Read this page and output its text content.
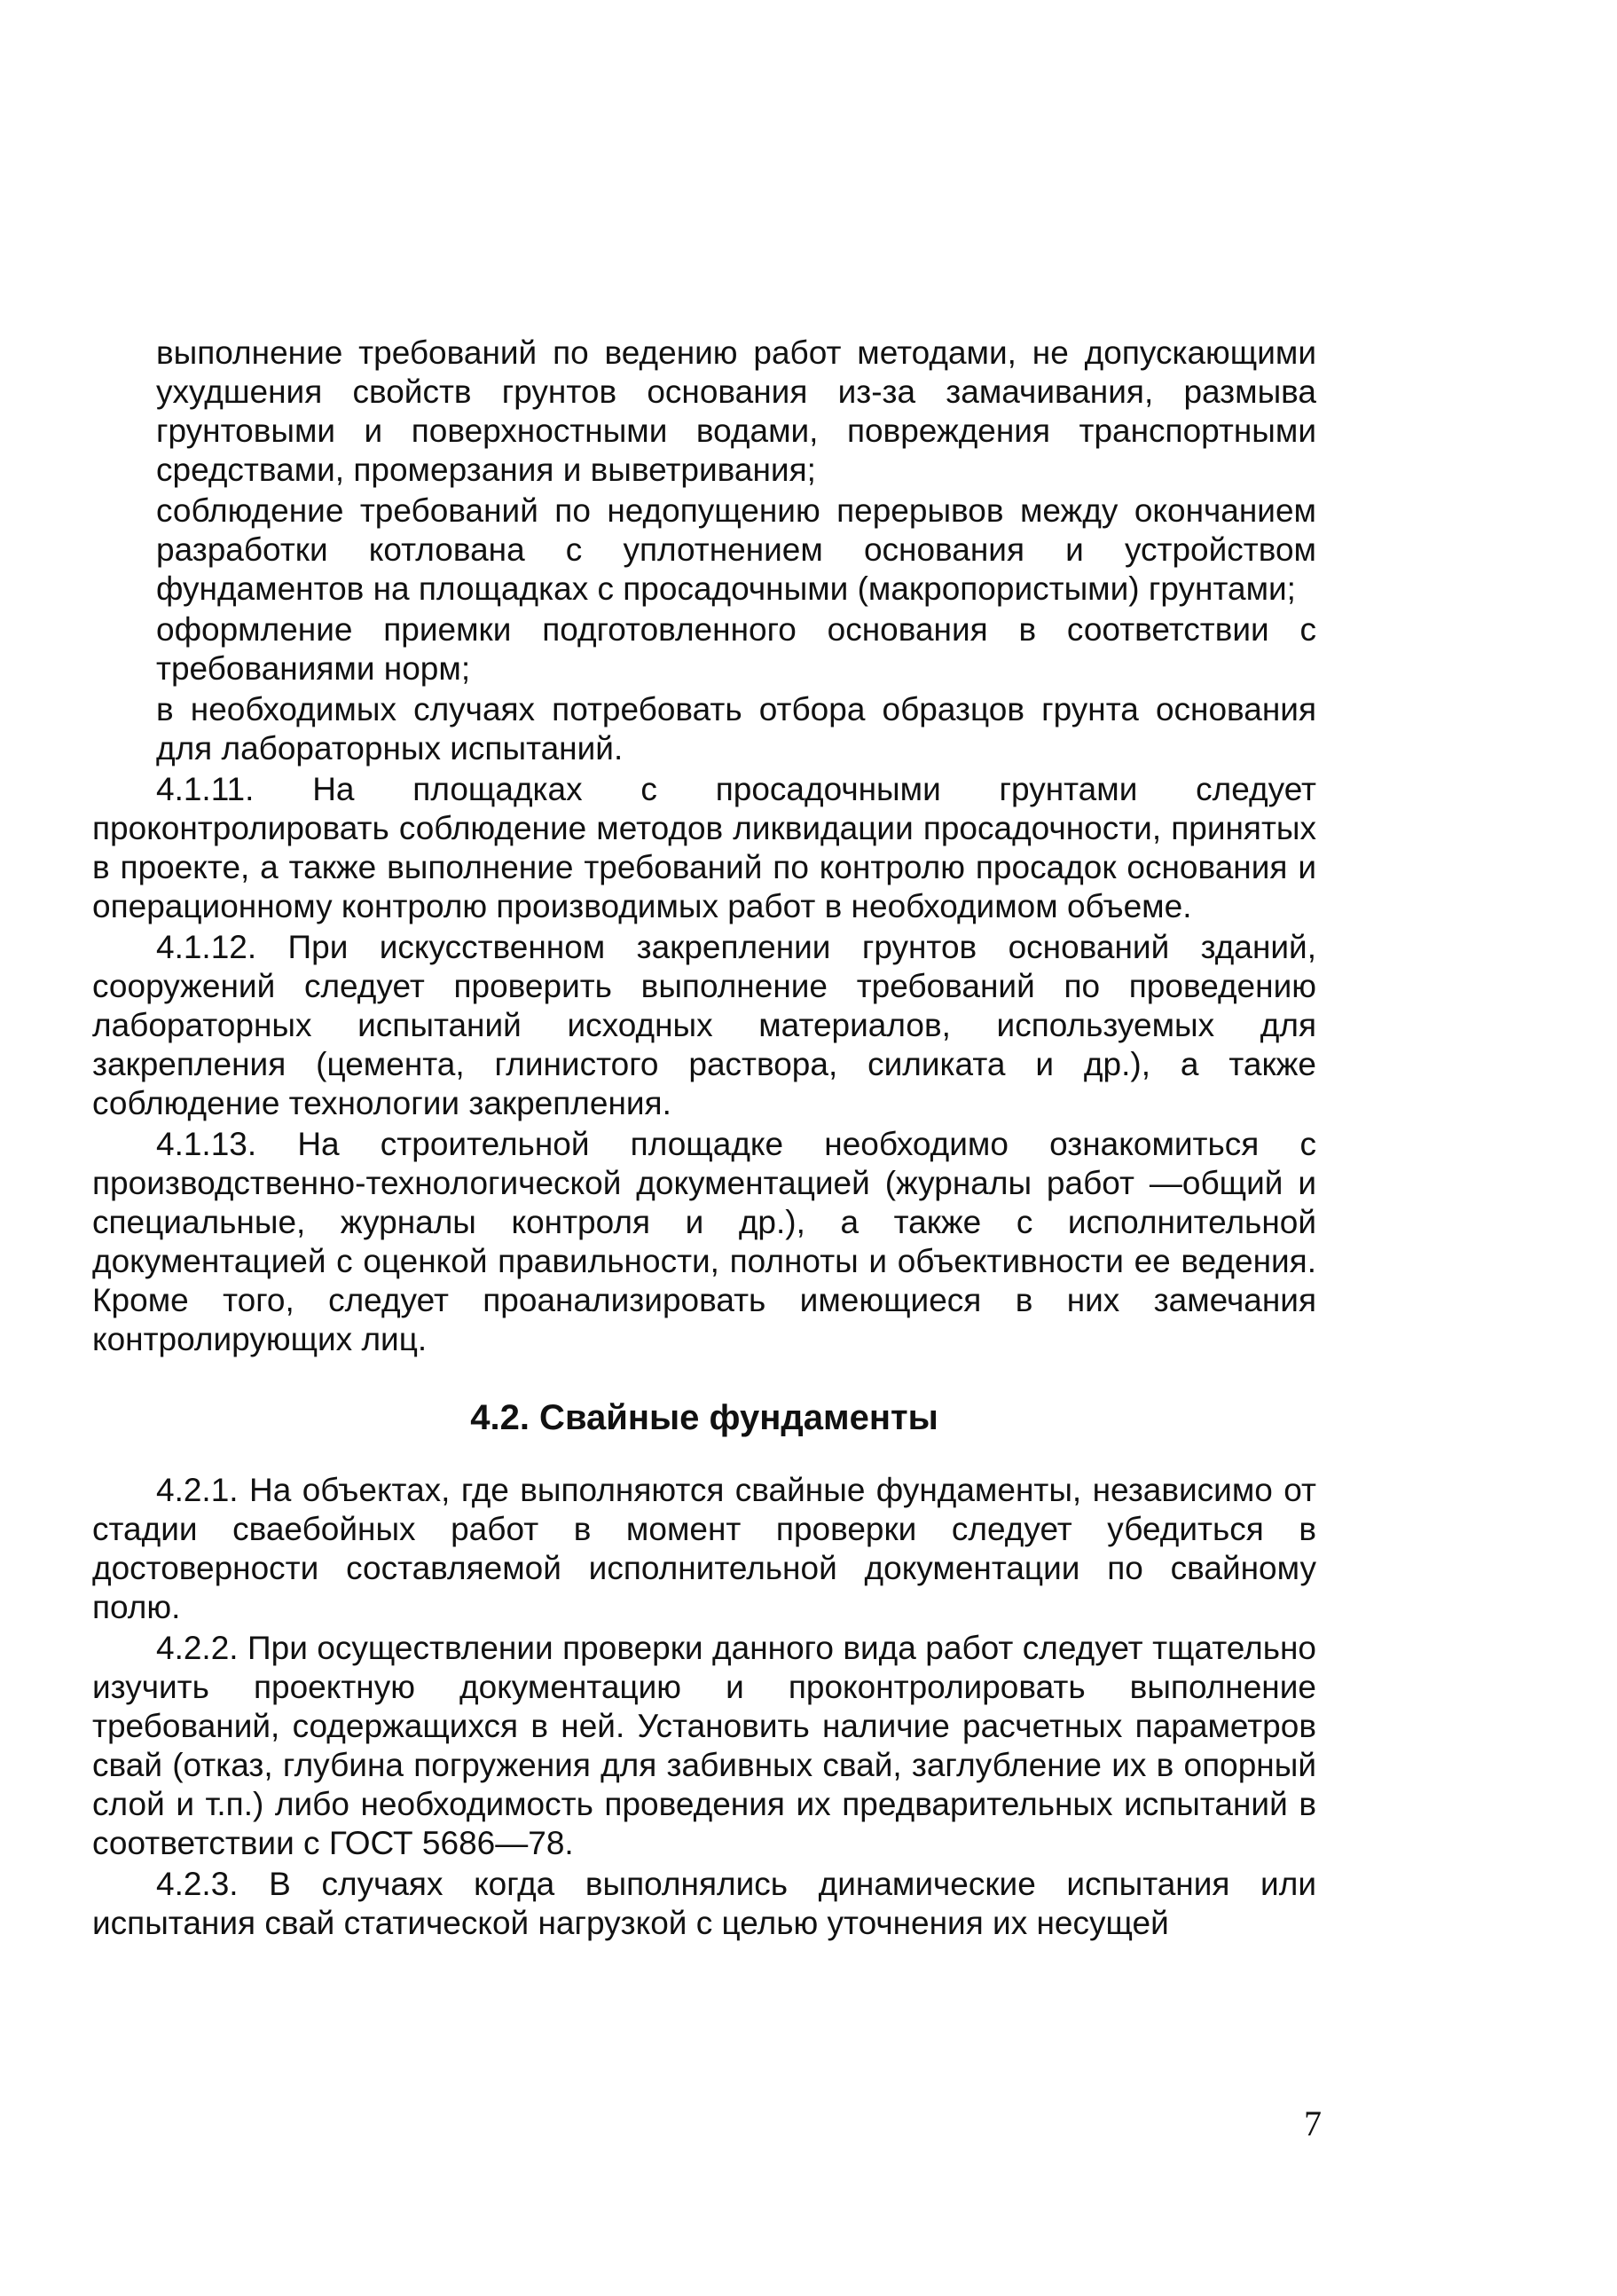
выполнение требований по ведению работ методами, не допускающими ухудшения свойств грунтов основания из-за замачивания, размыва грунтовыми и поверхностными водами, повреждения транспортными средствами, промерзания и выветривания;

соблюдение требований по недопущению перерывов между окончанием разработки котлована с уплотнением основания и устройством фундаментов на площадках с просадочными (макропористыми) грунтами;

оформление приемки подготовленного основания в соответствии с требованиями норм;

в необходимых случаях потребовать отбора образцов грунта основания для лабораторных испытаний.

4.1.11. На площадках с просадочными грунтами следует проконтролировать соблюдение методов ликвидации просадочности, принятых в проекте, а также выполнение требований по контролю просадок основания и операционному контролю производимых работ в необходимом объеме.

4.1.12. При искусственном закреплении грунтов оснований зданий, сооружений следует проверить выполнение требований по проведению лабораторных испытаний исходных материалов, используемых для закрепления (цемента, глинистого раствора, силиката и др.), а также соблюдение технологии закрепления.

4.1.13. На строительной площадке необходимо ознакомиться с производственно-технологической документацией (журналы работ —общий и специальные, журналы контроля и др.), а также с исполнительной документацией с оценкой правильности, полноты и объективности ее ведения. Кроме того, следует проанализировать имеющиеся в них замечания контролирующих лиц.

4.2. Свайные фундаменты

4.2.1. На объектах, где выполняются свайные фундаменты, независимо от стадии сваебойных работ в момент проверки следует убедиться в достоверности составляемой исполнительной документации по свайному полю.

4.2.2. При осуществлении проверки данного вида работ следует тщательно изучить проектную документацию и проконтролировать выполнение требований, содержащихся в ней. Установить наличие расчетных параметров свай (отказ, глубина погружения для забивных свай, заглубление их в опорный слой и т.п.) либо необходимость проведения их предварительных испытаний в соответствии с ГОСТ 5686—78.

4.2.3. В случаях когда выполнялись динамические испытания или испытания свай статической нагрузкой с целью уточнения их несущей

7
